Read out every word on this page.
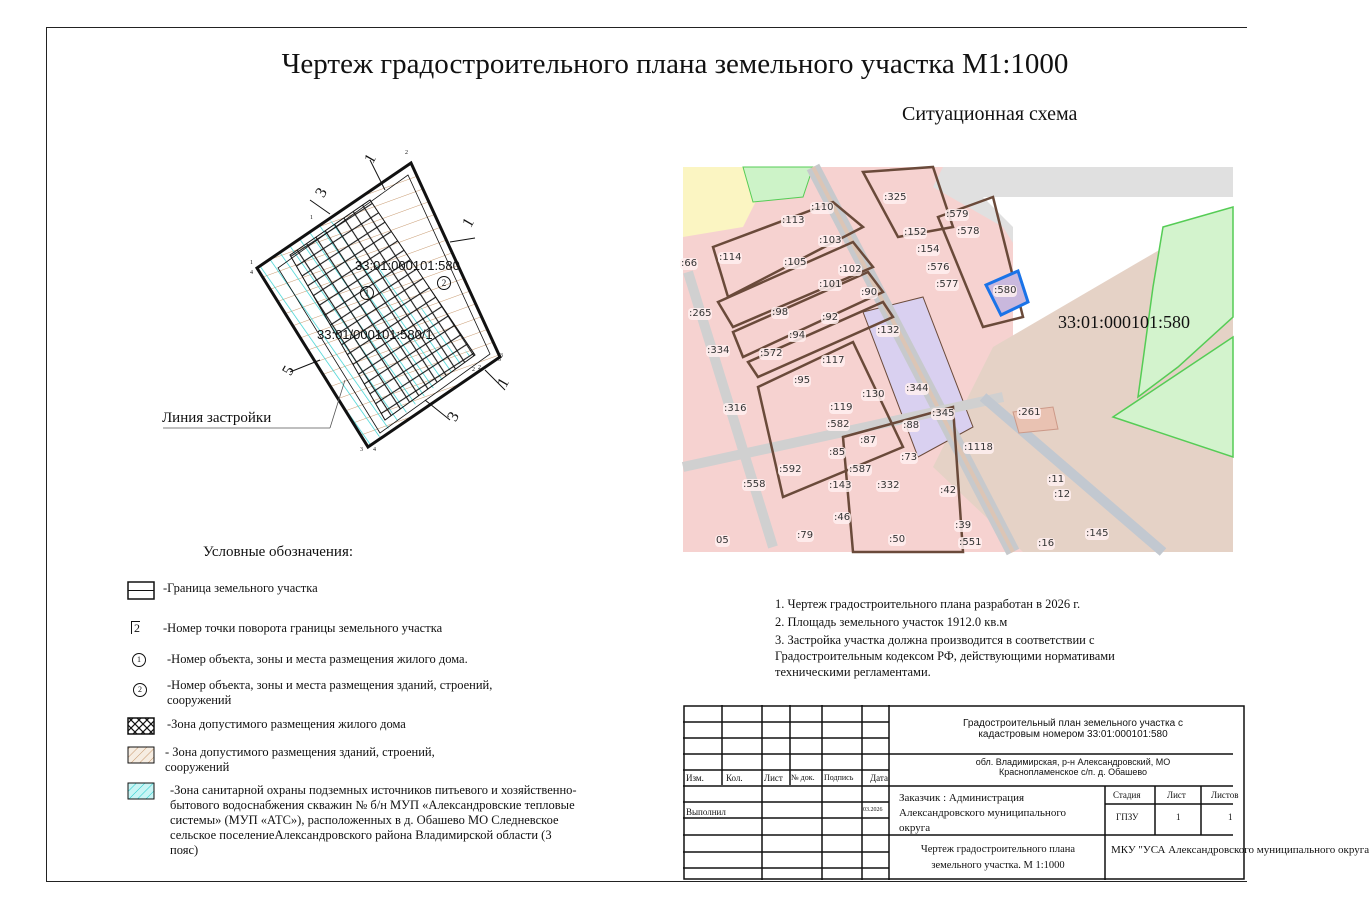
Чертеж градостроительного плана земельного участка М1:1000
Ситуационная схема
33:01:000101:580
33:01/000101:580/1
1
2
1
3
1
5
1
3
1
2
3
4
1
2
3
4
3
2
Линия застройки
:325
:579
:578
:152
:154
:576
:577
:580
:110
:113
:103
:114	:105
:102
:101
:90
:98	:92
:94	:132
:265
:334	:572
:117
:66
:95
:130
:344
:316	:119
:345
:582	:88
:87
:85	:73
:592	:587
:558	:143	:332
:1118
:261
:46
:79	:50
05
:42
:11
:12
:39
:551
:145
:16
33:01:000101:580
Условные обозначения:
2
1
2
-Граница земельного участка
-Номер точки поворота границы земельного участка
-Номер объекта, зоны и места размещения жилого дома.
-Номер объекта, зоны и места размещения зданий, строений, сооружений
-Зона допустимого размещения жилого дома
- Зона допустимого размещения зданий, строений, сооружений
-Зона санитарной охраны подземных источников питьевого и хозяйственно-бытового водоснабжения скважин № б/н МУП «Александровские тепловые системы» (МУП «АТС»), расположенных в д. Обашево МО Следневское сельское поселениеАлександровского района Владимирской области (3 пояс)
1. Чертеж градостроительного плана разработан в 2026 г.
2. Площадь земельного участок 1912.0 кв.м
3. Застройка участка должна производится в соответствии с Градостроительным кодексом РФ, действующими нормативами техническими регламентами.
Изм. Кол. Лист № док. Подпись Дата
Выполнил	03.2026
Градостроительный план земельного участка с кадастровым номером 33:01:000101:580
обл. Владимирская, р-н Александровский, МО Краснопламенское с/п. д. Обашево
Заказчик : Администрация Александровского муниципального округа
Стадия	Лист	Листов
ГПЗУ	1	1
Чертеж градостроительного плана земельного участка. М 1:1000
МКУ "УСА Александровского муниципального округа
